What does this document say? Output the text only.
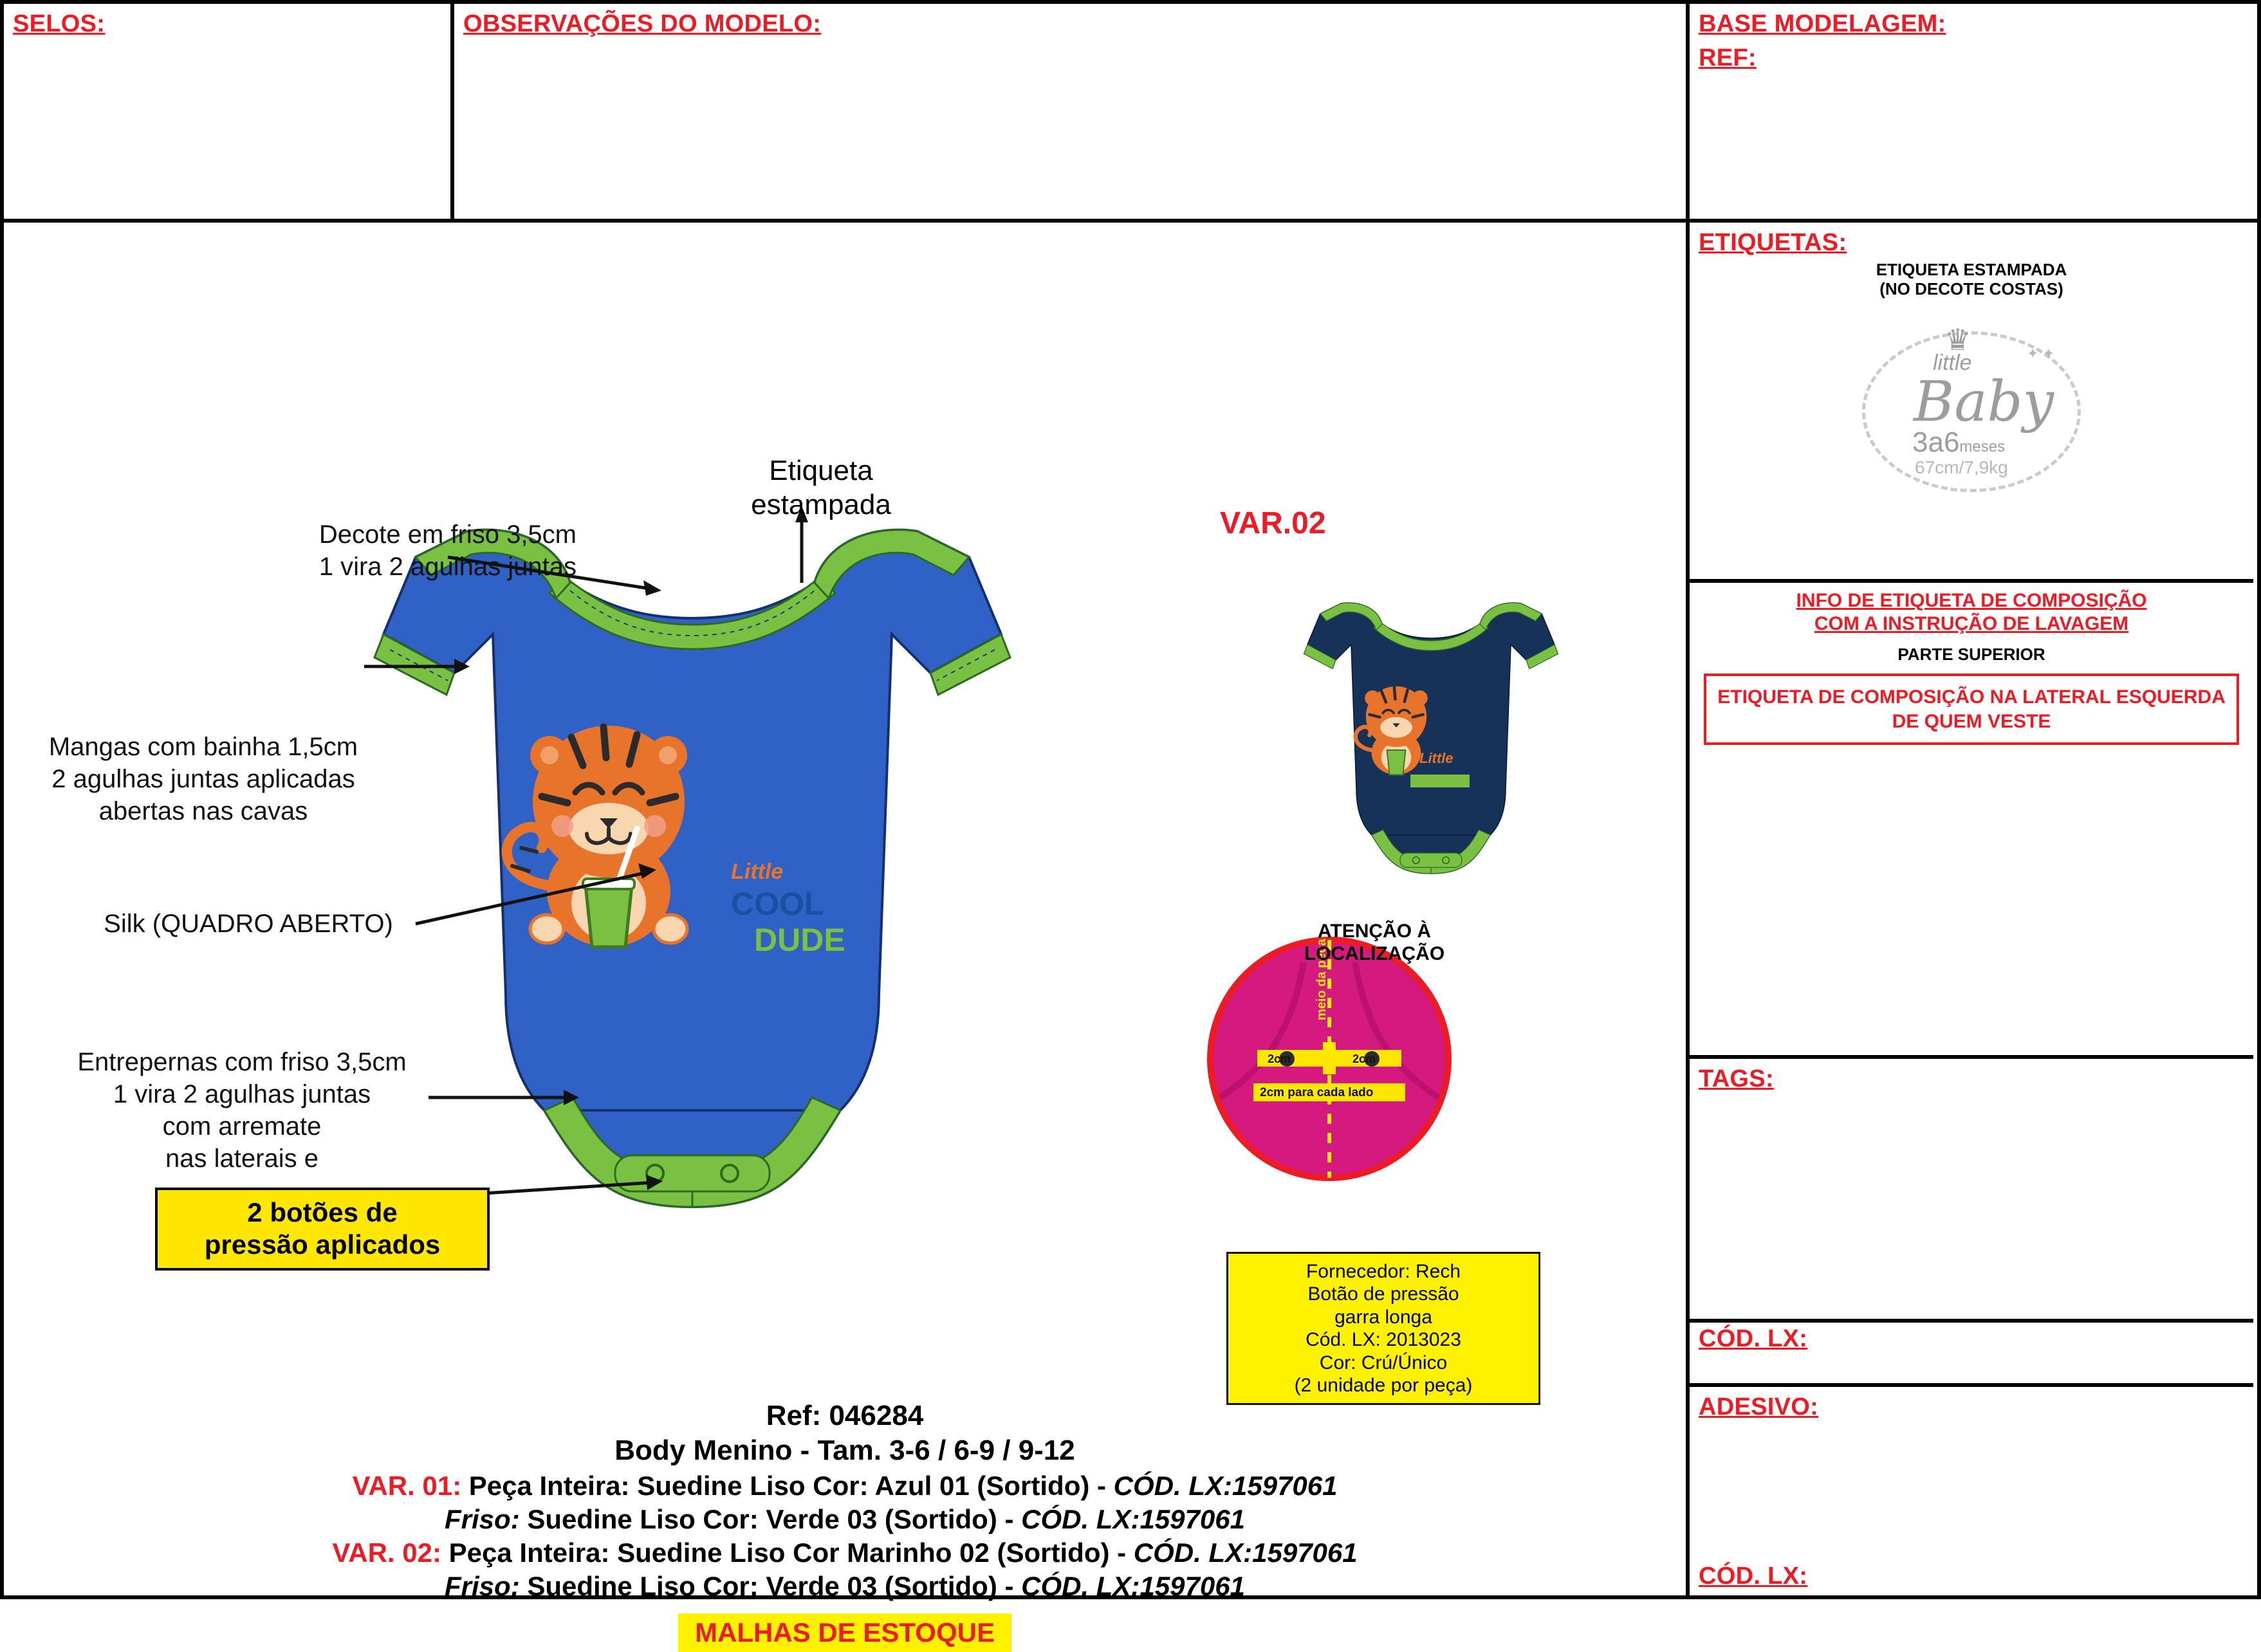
SELOS:	OBSERVAÇÕES DO MODELO:	BASE MODELAGEM:
REF:
ETIQUETAS:
ETIQUETA ESTAMPADA
(NO DECOTE COSTAS)
♛
little
Baby
✦ ✦
3a6meses
67cm/7,9kg
INFO DE ETIQUETA DE COMPOSIÇÃO
COM A INSTRUÇÃO DE LAVAGEM
PARTE SUPERIOR
ETIQUETA DE COMPOSIÇÃO NA LATERAL ESQUERDA DE QUEM VESTE
TAGS:
CÓD. LX:
ADESIVO:
CÓD. LX:
Little
COOL
DUDE
Little
2cm	2cm
2cm para cada lado
meio da peça
Etiqueta
estampada
Decote em friso 3,5cm
1 vira 2 agulhas juntas
Mangas com bainha 1,5cm
2 agulhas juntas aplicadas
abertas nas cavas
Silk (QUADRO ABERTO)
Entrepernas com friso 3,5cm
1 vira 2 agulhas juntas
com arremate
nas laterais e
2 botões de
pressão aplicados
VAR.02
ATENÇÃO À
LOCALIZAÇÃO
Fornecedor: Rech
Botão de pressão
garra longa
Cód. LX: 2013023
Cor: Crú/Único
(2 unidade por peça)
Ref: 046284
Body Menino - Tam. 3-6 / 6-9 / 9-12
VAR. 01: Peça Inteira: Suedine Liso Cor: Azul 01 (Sortido) - CÓD. LX:1597061
Friso: Suedine Liso Cor: Verde 03 (Sortido) - CÓD. LX:1597061
VAR. 02: Peça Inteira: Suedine Liso Cor Marinho 02 (Sortido) - CÓD. LX:1597061
Friso: Suedine Liso Cor: Verde 03 (Sortido) - CÓD. LX:1597061
MALHAS DE ESTOQUE
